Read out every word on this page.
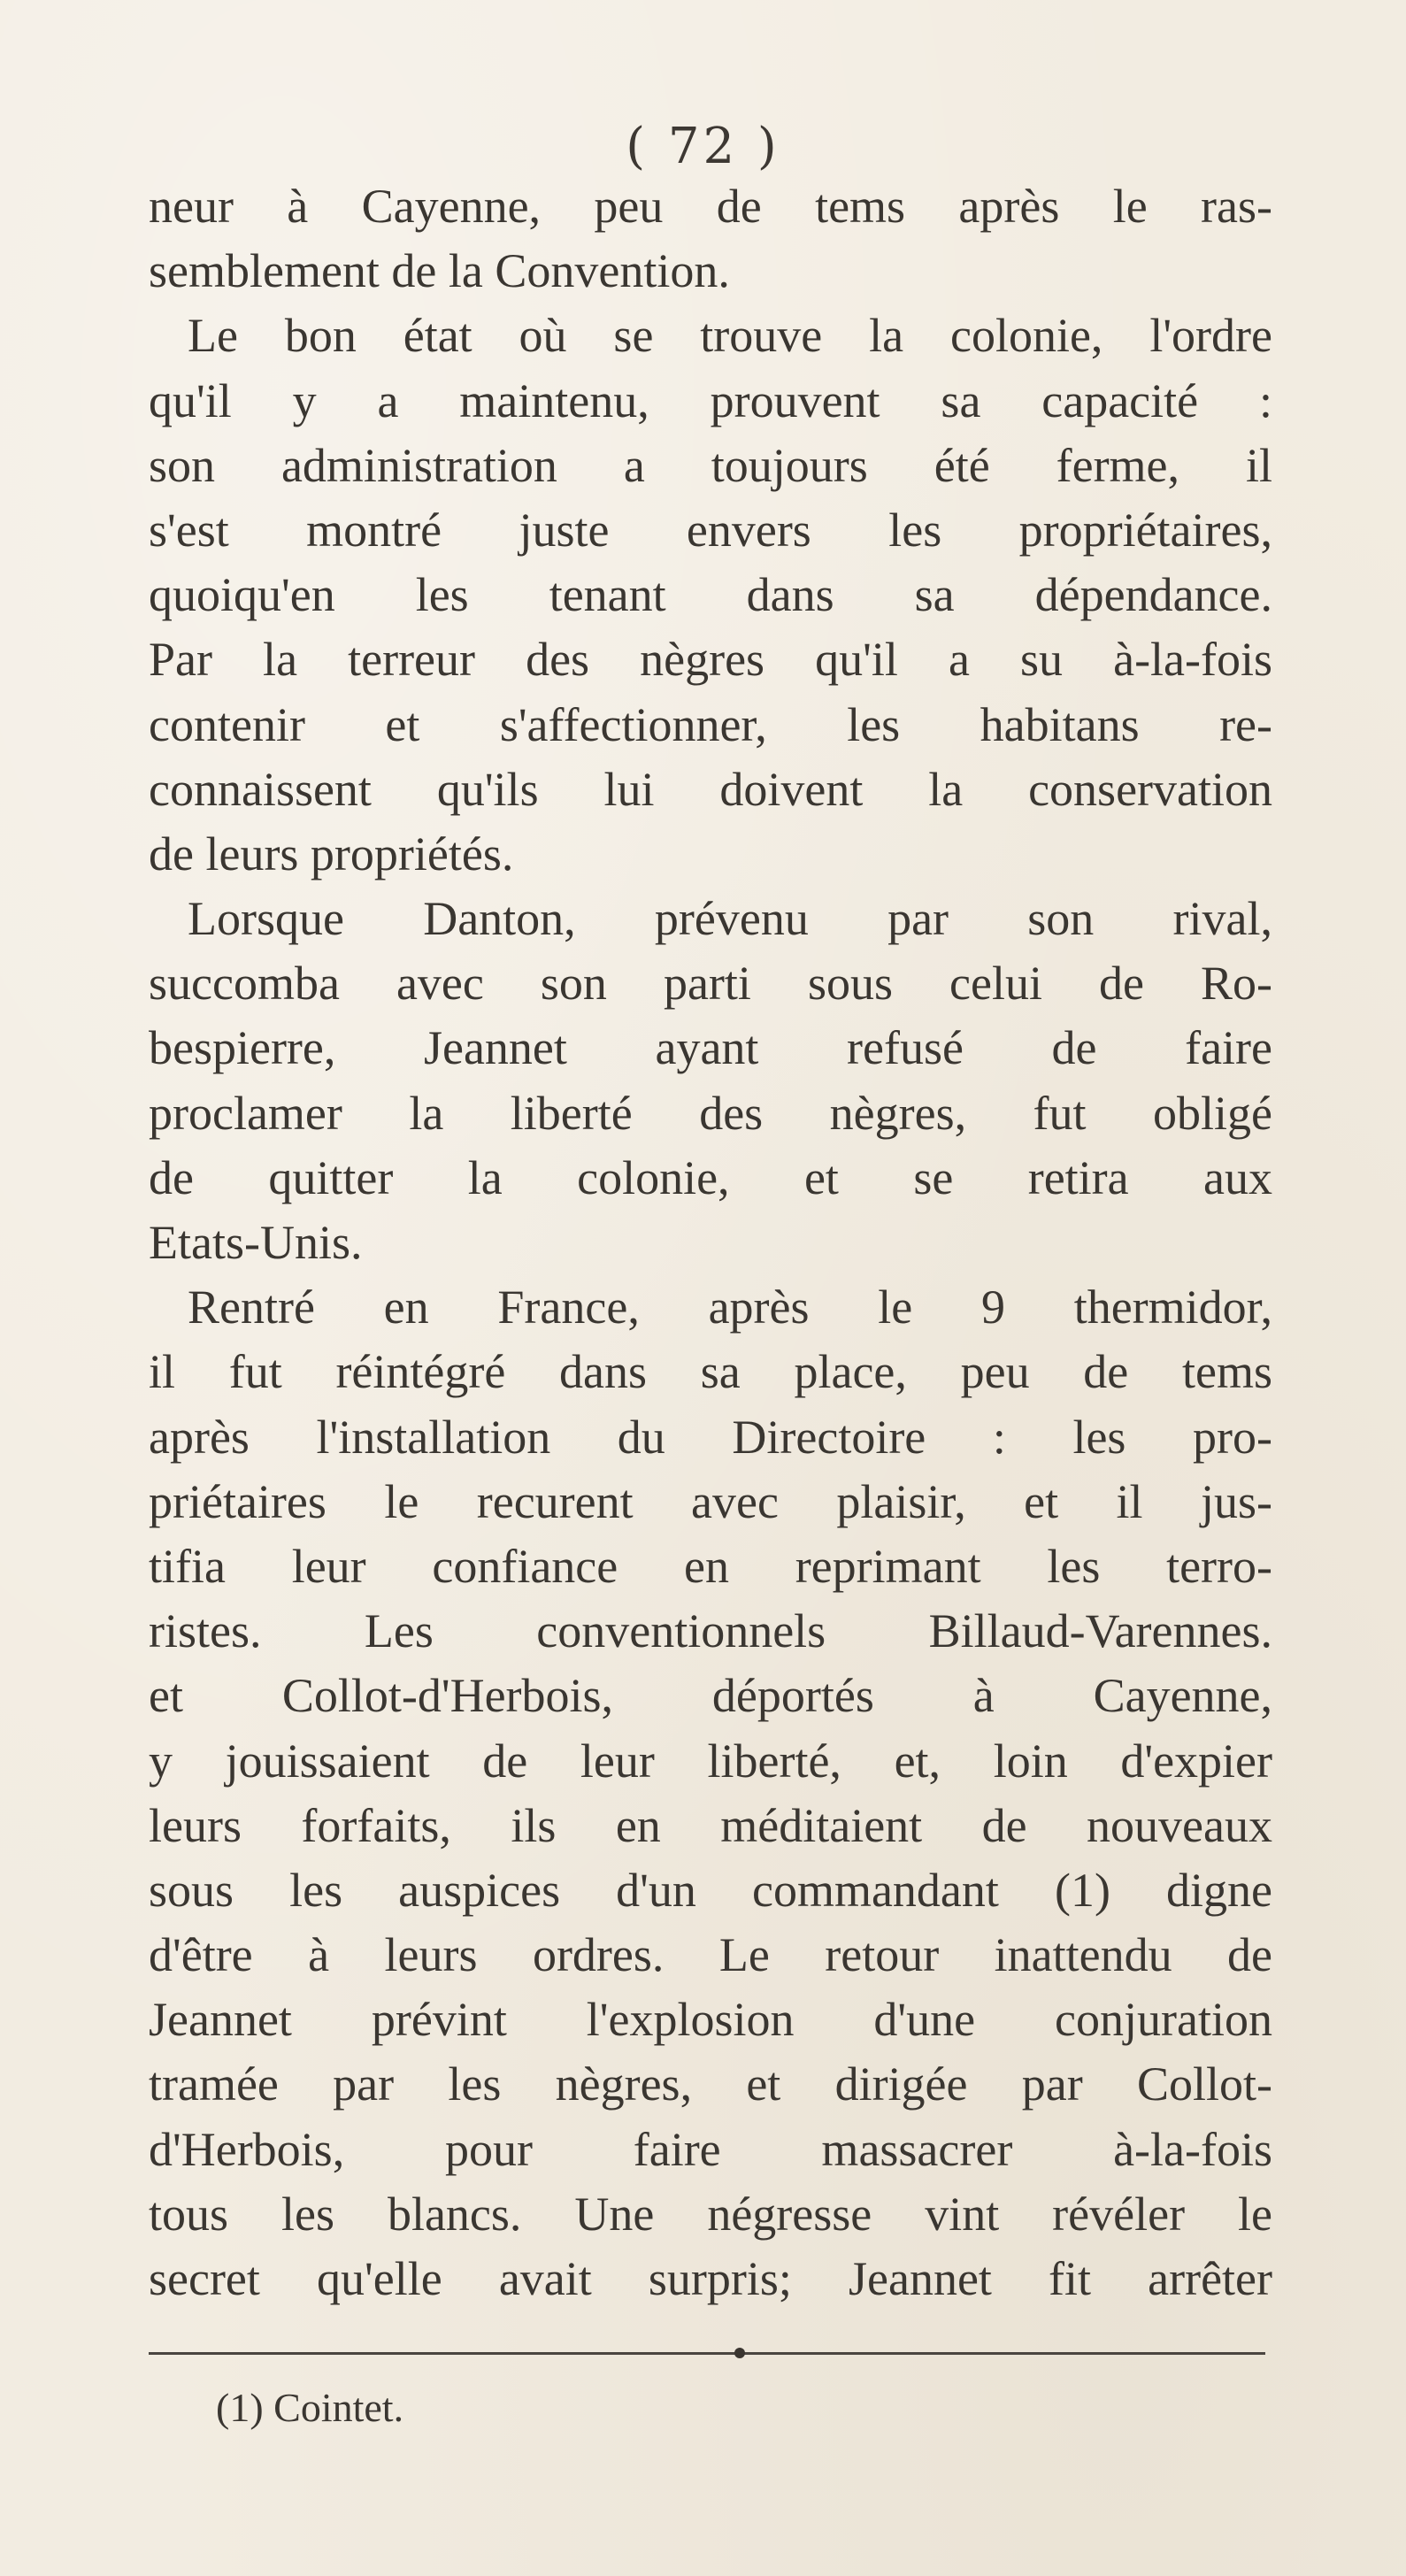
( 72 )
neur à Cayenne, peu de tems après le ras-
semblement de la Convention.
Le bon état où se trouve la colonie, l'ordre
qu'il y a maintenu, prouvent sa capacité :
son administration a toujours été ferme, il
s'est montré juste envers les propriétaires,
quoiqu'en les tenant dans sa dépendance.
Par la terreur des nègres qu'il a su à-la-fois
contenir et s'affectionner, les habitans re-
connaissent qu'ils lui doivent la conservation
de leurs propriétés.
Lorsque Danton, prévenu par son rival,
succomba avec son parti sous celui de Ro-
bespierre, Jeannet ayant refusé de faire
proclamer la liberté des nègres, fut obligé
de quitter la colonie, et se retira aux
Etats-Unis.
Rentré en France, après le 9 thermidor,
il fut réintégré dans sa place, peu de tems
après l'installation du Directoire : les pro-
priétaires le recurent avec plaisir, et il jus-
tifia leur confiance en reprimant les terro-
ristes. Les conventionnels Billaud-Varennes.
et Collot-d'Herbois, déportés à Cayenne,
y jouissaient de leur liberté, et, loin d'expier
leurs forfaits, ils en méditaient de nouveaux
sous les auspices d'un commandant (1) digne
d'être à leurs ordres. Le retour inattendu de
Jeannet prévint l'explosion d'une conjuration
tramée par les nègres, et dirigée par Collot-
d'Herbois, pour faire massacrer à-la-fois
tous les blancs. Une négresse vint révéler le
secret qu'elle avait surpris; Jeannet fit arrêter
(1) Cointet.
